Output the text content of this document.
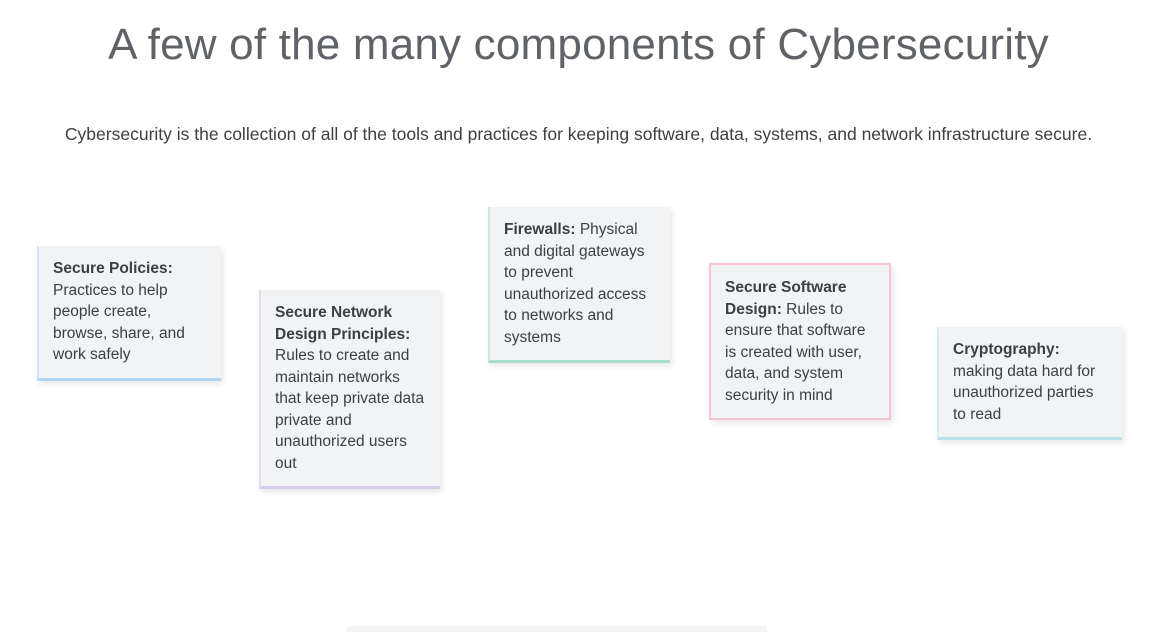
A few of the many components of Cybersecurity
Cybersecurity is the collection of all of the tools and practices for keeping software, data, systems, and network infrastructure secure.
Secure Policies: Practices to help people create, browse, share, and work safely
Secure Network Design Principles: Rules to create and maintain networks that keep private data private and unauthorized users out
Firewalls: Physical and digital gateways to prevent unauthorized access to networks and systems
Secure Software Design: Rules to ensure that software is created with user, data, and system security in mind
Cryptography: making data hard for unauthorized parties to read
